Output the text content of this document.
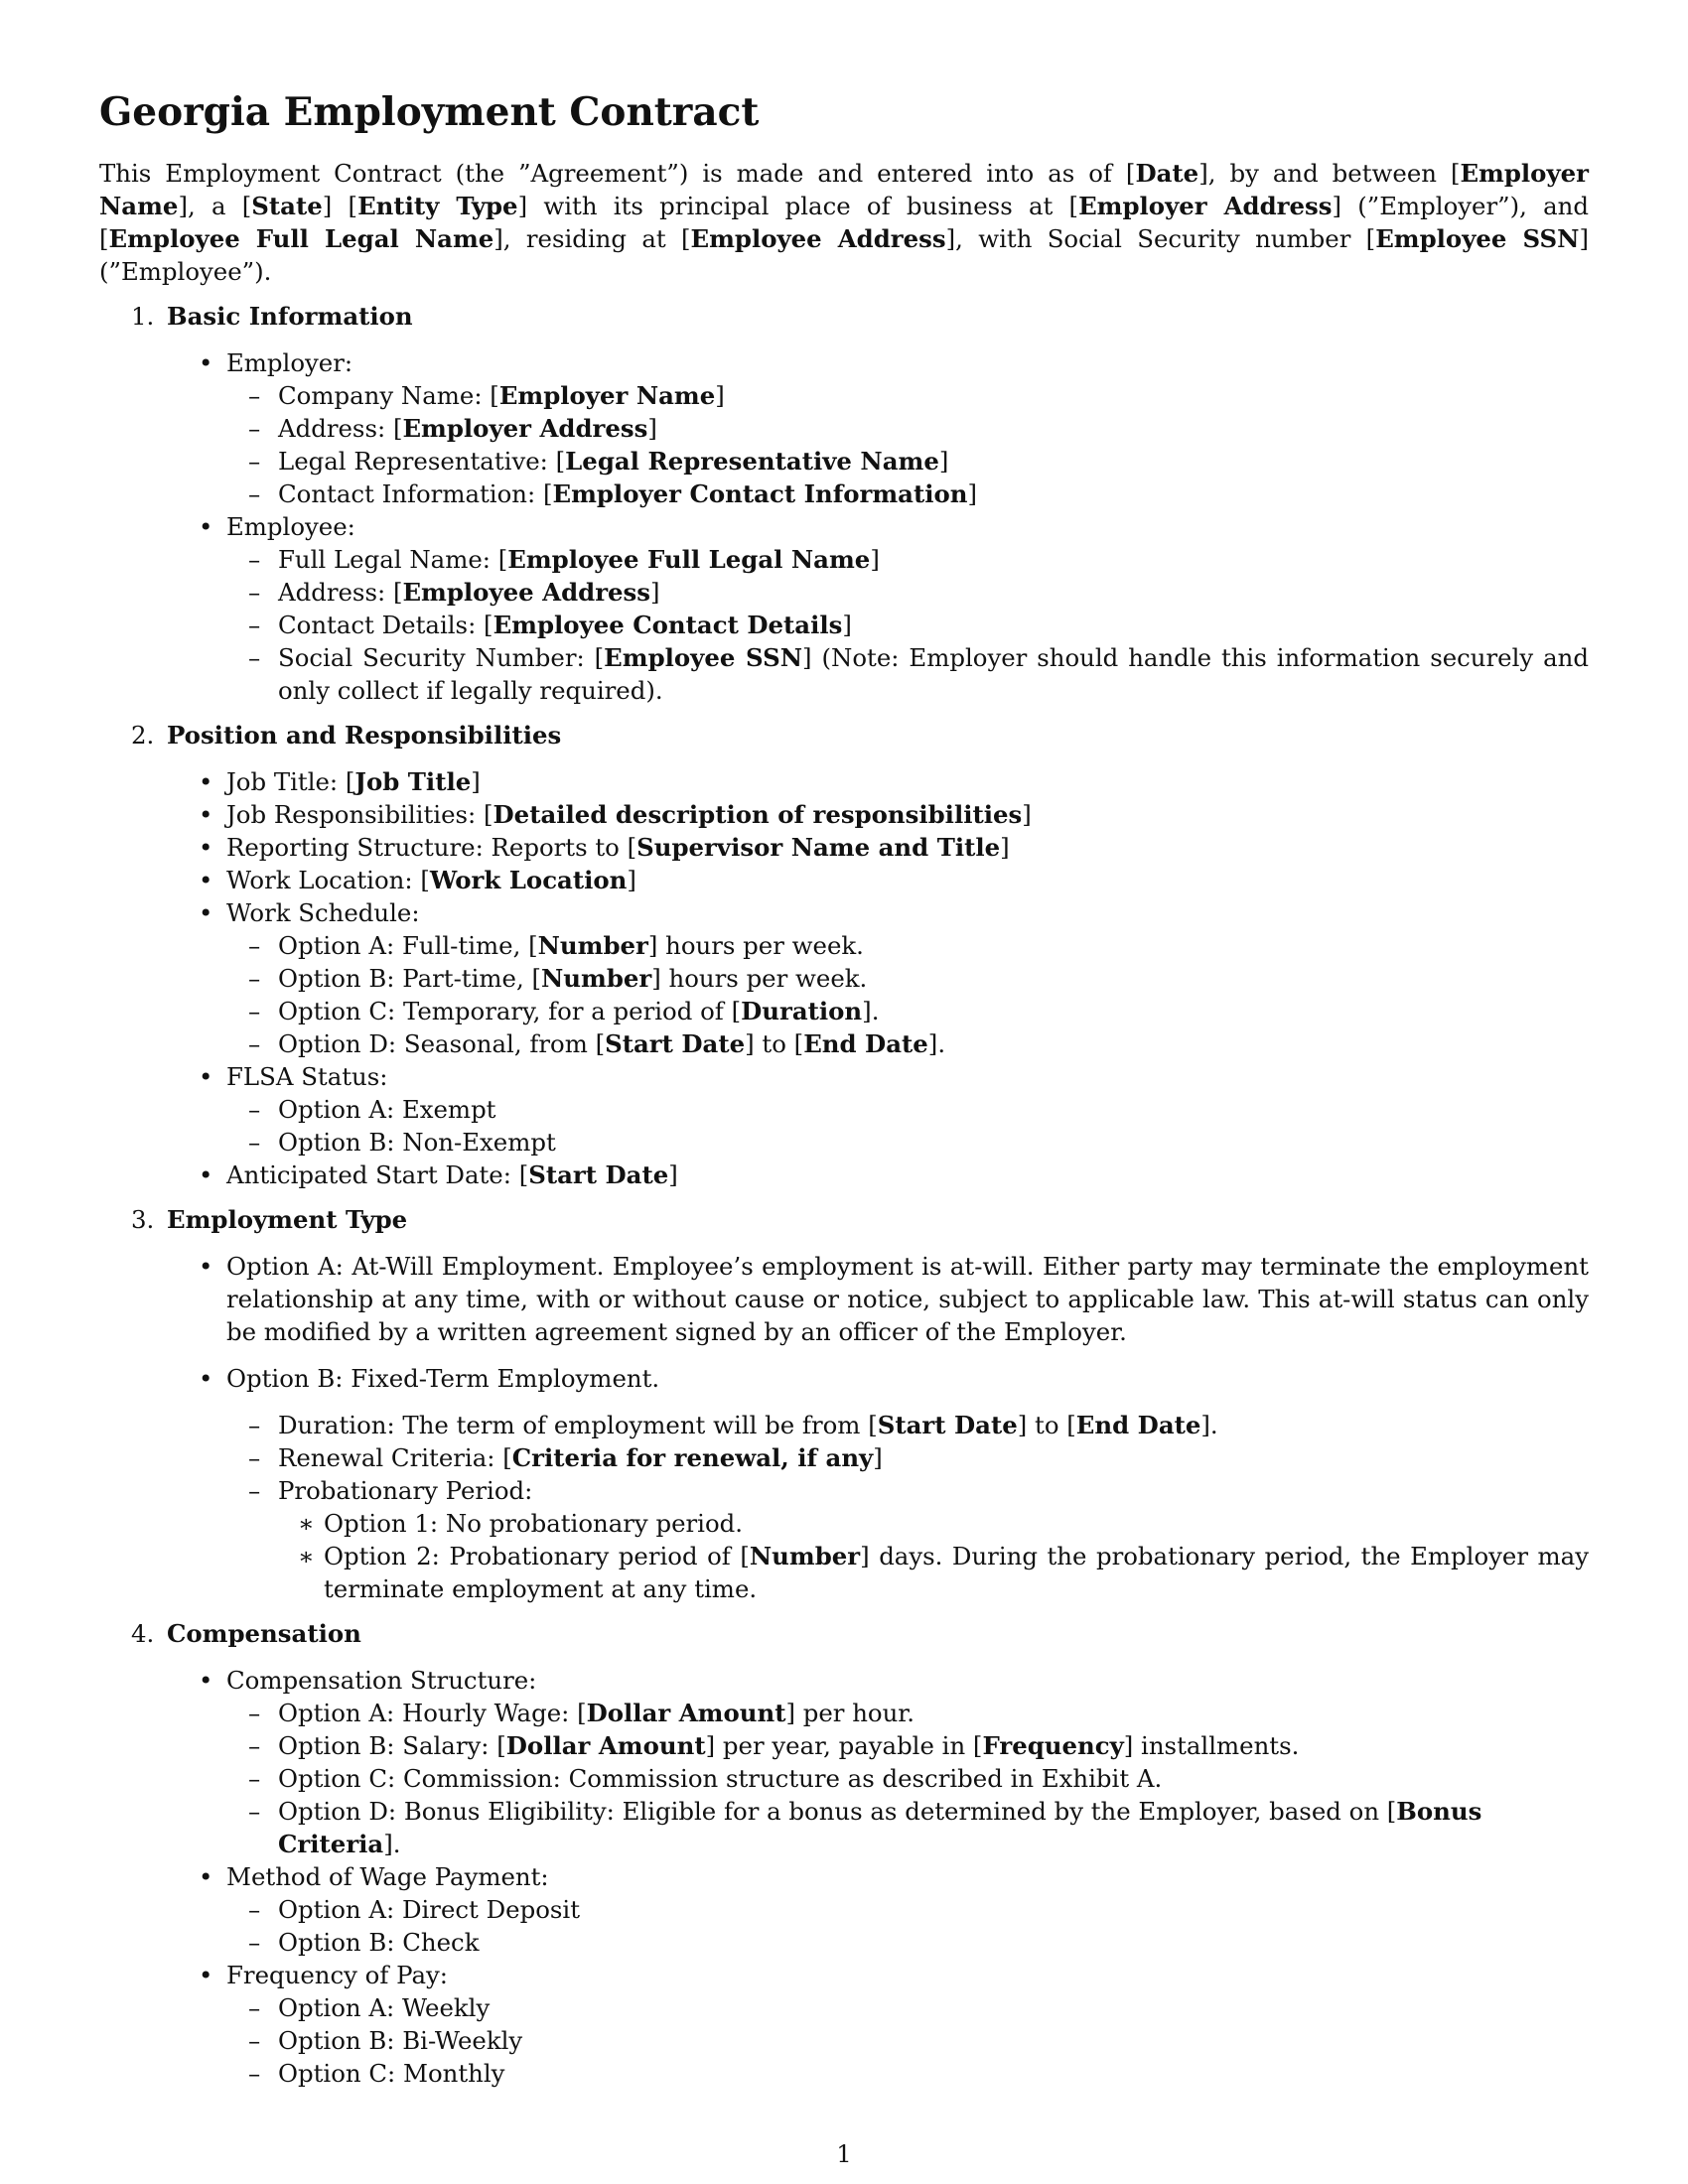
Georgia Employment Contract

This Employment Contract (the ”Agreement”) is made and entered into as of [Date], by and between [Employer Name], a [State] [Entity Type] with its principal place of business at [Employer Address] (”Employer”), and [Employee Full Legal Name], residing at [Employee Address], with Social Security number [Employee SSN] (”Employee”).

1. Basic Information
• Employer:
– Company Name: [Employer Name]
– Address: [Employer Address]
– Legal Representative: [Legal Representative Name]
– Contact Information: [Employer Contact Information]
• Employee:
– Full Legal Name: [Employee Full Legal Name]
– Address: [Employee Address]
– Contact Details: [Employee Contact Details]
– Social Security Number: [Employee SSN] (Note: Employer should handle this information securely and only collect if legally required).
2. Position and Responsibilities
• Job Title: [Job Title]
• Job Responsibilities: [Detailed description of responsibilities]
• Reporting Structure: Reports to [Supervisor Name and Title]
• Work Location: [Work Location]
• Work Schedule:
– Option A: Full-time, [Number] hours per week.
– Option B: Part-time, [Number] hours per week.
– Option C: Temporary, for a period of [Duration].
– Option D: Seasonal, from [Start Date] to [End Date].
• FLSA Status:
– Option A: Exempt
– Option B: Non-Exempt
• Anticipated Start Date: [Start Date]
3. Employment Type
• Option A: At-Will Employment. Employee’s employment is at-will. Either party may terminate the employment relationship at any time, with or without cause or notice, subject to applicable law. This at-will status can only be modified by a written agreement signed by an officer of the Employer.
• Option B: Fixed-Term Employment.
– Duration: The term of employment will be from [Start Date] to [End Date].
– Renewal Criteria: [Criteria for renewal, if any]
– Probationary Period:
∗ Option 1: No probationary period.
∗ Option 2: Probationary period of [Number] days. During the probationary period, the Employer may terminate employment at any time.
4. Compensation
• Compensation Structure:
– Option A: Hourly Wage: [Dollar Amount] per hour.
– Option B: Salary: [Dollar Amount] per year, payable in [Frequency] installments.
– Option C: Commission: Commission structure as described in Exhibit A.
– Option D: Bonus Eligibility: Eligible for a bonus as determined by the Employer, based on [Bonus Criteria].
• Method of Wage Payment:
– Option A: Direct Deposit
– Option B: Check
• Frequency of Pay:
– Option A: Weekly
– Option B: Bi-Weekly
– Option C: Monthly
1
